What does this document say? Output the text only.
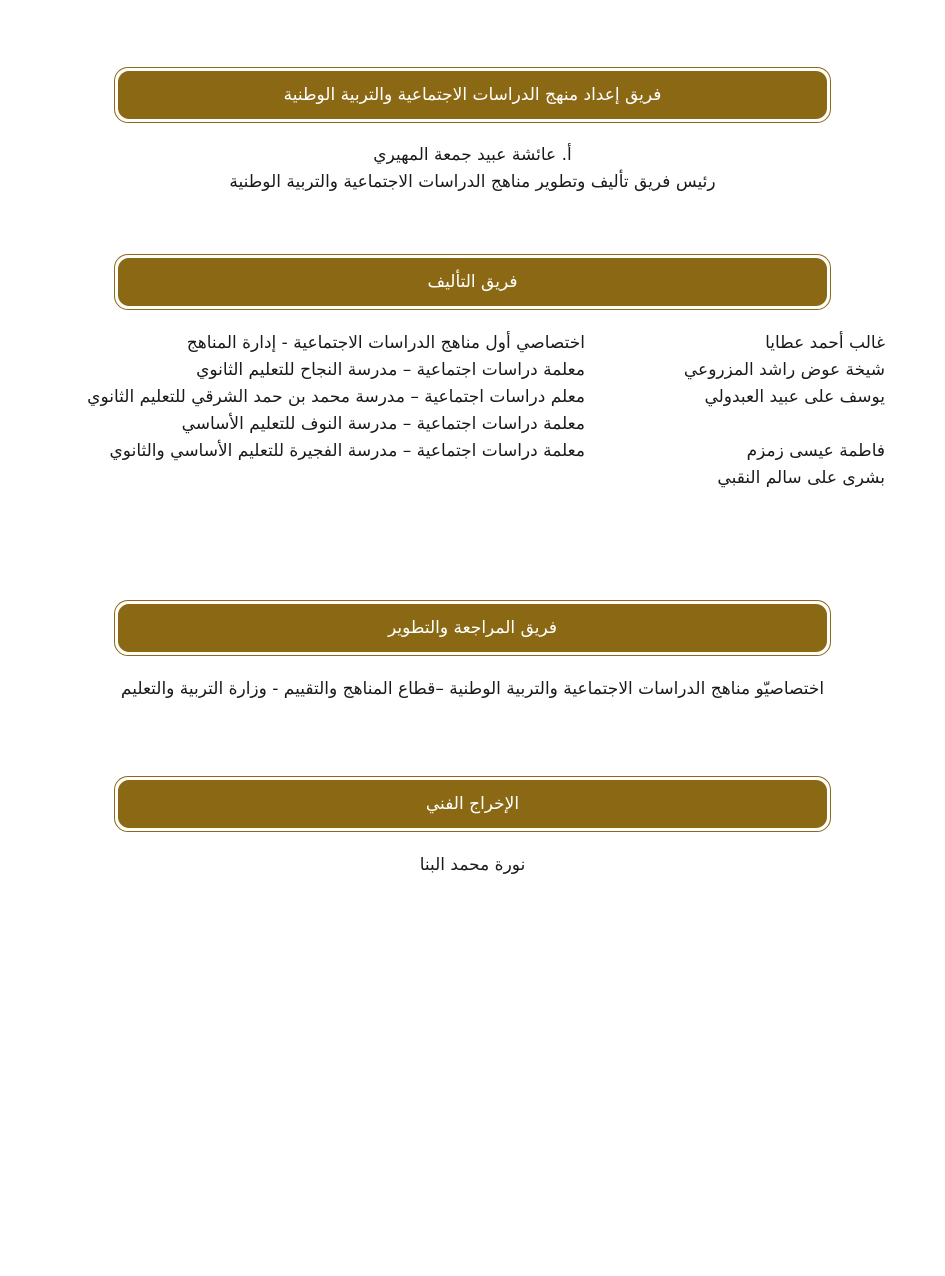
فريق إعداد منهج الدراسات الاجتماعية والتربية الوطنية
أ. عائشة عبيد جمعة المهيري
رئيس فريق تأليف وتطوير مناهج الدراسات الاجتماعية والتربية الوطنية
فريق التأليف
غالب أحمد عطايا
شيخة عوض راشد المزروعي
يوسف على عبيد العبدولي
فاطمة عيسى زمزم
بشرى على سالم النقبي
اختصاصي أول مناهج الدراسات الاجتماعية - إدارة المناهج
معلمة دراسات اجتماعية – مدرسة النجاح للتعليم الثانوي
معلم دراسات اجتماعية – مدرسة محمد بن حمد الشرقي للتعليم الثانوي
معلمة دراسات اجتماعية – مدرسة النوف للتعليم الأساسي
معلمة دراسات اجتماعية – مدرسة الفجيرة للتعليم الأساسي والثانوي
فريق المراجعة والتطوير
اختصاصيّو مناهج الدراسات الاجتماعية والتربية الوطنية –قطاع المناهج والتقييم - وزارة التربية والتعليم
الإخراج الفني
نورة محمد البنا
